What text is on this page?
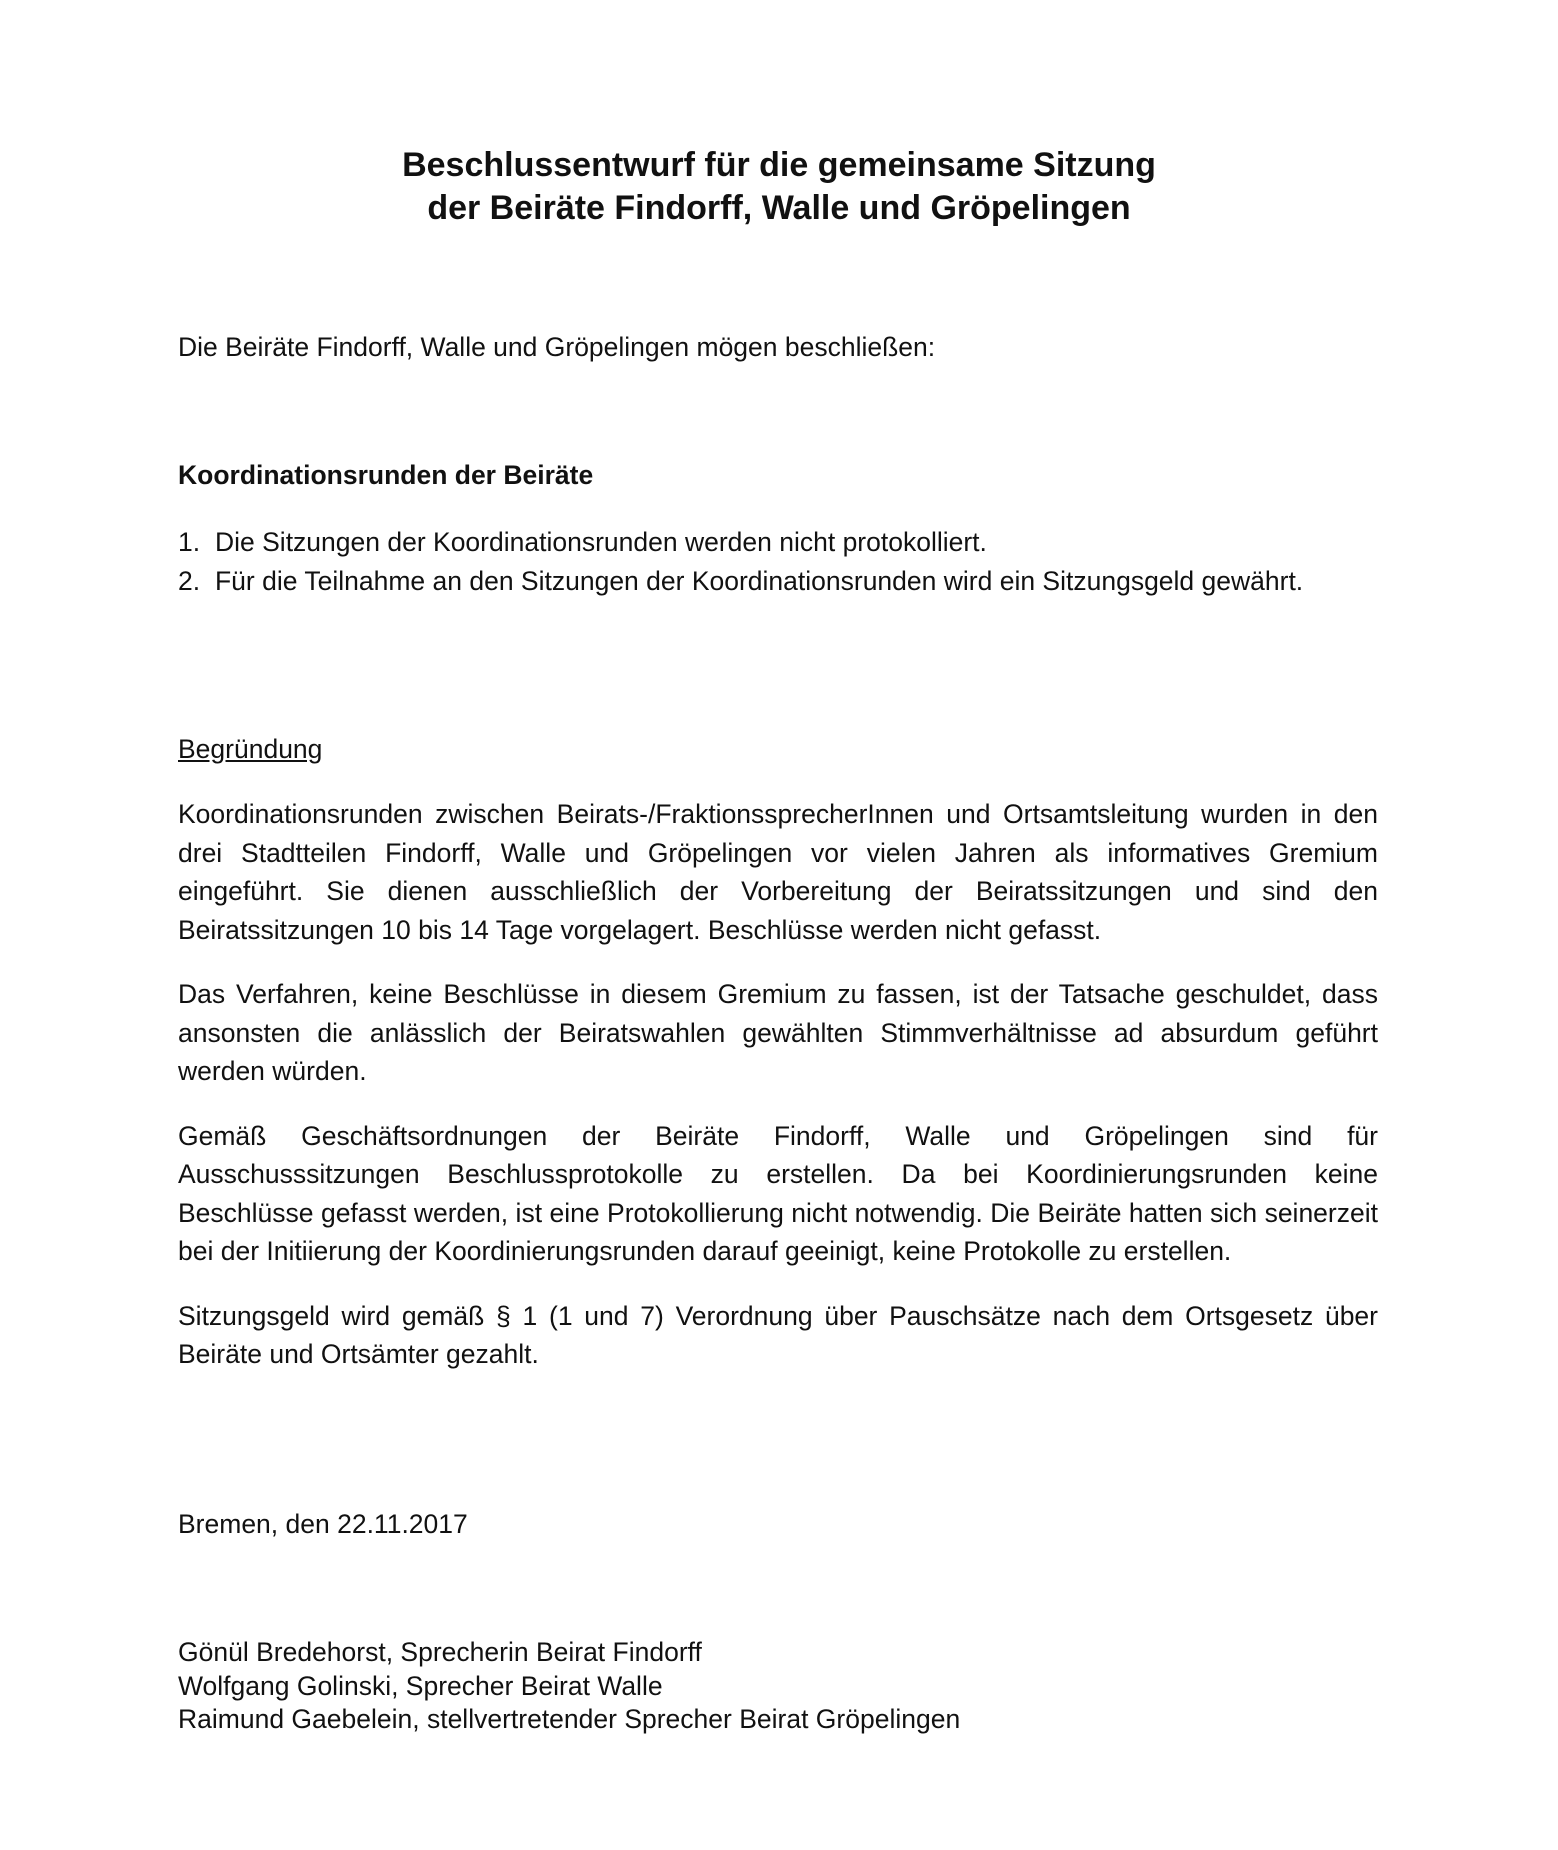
Beschlussentwurf für die gemeinsame Sitzung
der Beiräte Findorff, Walle und Gröpelingen
Die Beiräte Findorff, Walle und Gröpelingen mögen beschließen:
Koordinationsrunden der Beiräte
1. Die Sitzungen der Koordinationsrunden werden nicht protokolliert.
2. Für die Teilnahme an den Sitzungen der Koordinationsrunden wird ein Sitzungsgeld gewährt.
Begründung

Koordinationsrunden zwischen Beirats-/FraktionssprecherInnen und Ortsamtsleitung wurden in den drei Stadtteilen Findorff, Walle und Gröpelingen vor vielen Jahren als informatives Gremium eingeführt. Sie dienen ausschließlich der Vorbereitung der Beiratssitzungen und sind den Beiratssitzungen 10 bis 14 Tage vorgelagert. Beschlüsse werden nicht gefasst.

Das Verfahren, keine Beschlüsse in diesem Gremium zu fassen, ist der Tatsache geschuldet, dass ansonsten die anlässlich der Beiratswahlen gewählten Stimmverhältnisse ad absurdum geführt werden würden.

Gemäß Geschäftsordnungen der Beiräte Findorff, Walle und Gröpelingen sind für Ausschusssitzungen Beschlussprotokolle zu erstellen. Da bei Koordinierungsrunden keine Beschlüsse gefasst werden, ist eine Protokollierung nicht notwendig. Die Beiräte hatten sich seinerzeit bei der Initiierung der Koordinierungsrunden darauf geeinigt, keine Protokolle zu erstellen.

Sitzungsgeld wird gemäß § 1 (1 und 7) Verordnung über Pauschsätze nach dem Ortsgesetz über Beiräte und Ortsämter gezahlt.

Bremen, den 22.11.2017
Gönül Bredehorst, Sprecherin Beirat Findorff
Wolfgang Golinski, Sprecher Beirat Walle
Raimund Gaebelein, stellvertretender Sprecher Beirat Gröpelingen
